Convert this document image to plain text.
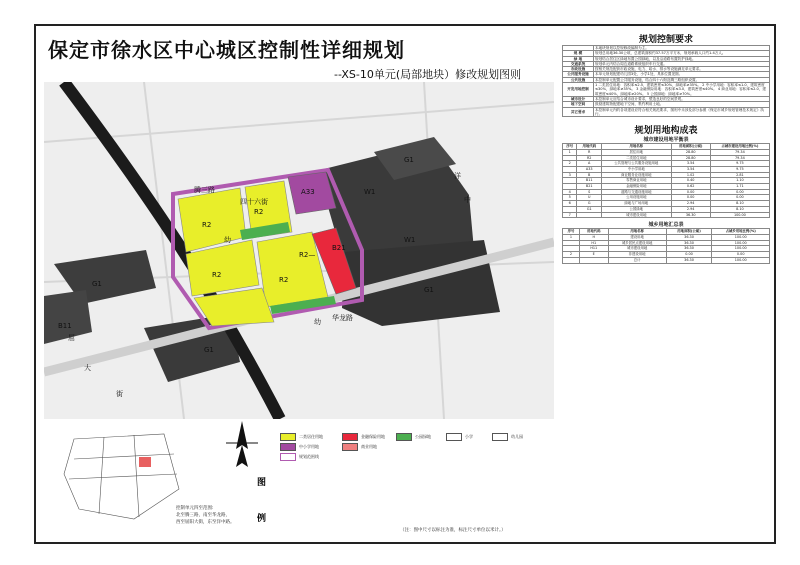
保定市徐水区中心城区控制性详细规划
--XS-10单元(局部地块）修改规划图则
R2
R2
R2
R2
R2—
A33
B21
B11
G1
G1
G1
G1
W1
W1
幼
幼
腾三路
四十六街
华龙路
大
屈
街
洋
中
图
例
控制单元四至范围:
北至腾三路，南至华龙路，
西至屈阳大街，东至洋中路。
二类居住用地
中小学用地
金融保险用地
商业用地
公园绿地	小学	幼儿园
规划范围线
（注：图中尺寸以标注为准，标注尺寸单位以米计。）
规划控制要求
	本地块规划以控规修改编制为主。
规 模	规划总用地36.30公顷，总建筑面积约37.57万平方米，规划承载人口约1.4万人。
绿 地	规划结合居住区绿地布置公园绿地，以及沿道路布置防护绿地。
交通系统	规划单元内结合周边道路系统组织车行交通。
市政设施	按相关规范配套市政设施，电力、给水、排水等设施满足单元要求。
公共服务设施	本单元规划配建幼儿园3处，小学1处，具体位置见图。
公共设施	本控制单元配置公共服务设施，结合四十六街及腾三路组织设置。
开发用地控制	1 二类居住用地：容积率≤2.5，建筑密度≤30%，绿地率≥35%。 2 中小学用地：容积率≤1.0，建筑密度≤30%，绿地率≥35%。 3 金融保险用地：容积率≤3.0，建筑密度≤40%。 4 商业用地：容积率≤2.0，建筑密度≤40%，绿地率≥20%。 5 公园绿地：绿地率≥70%。
城市设计	本控制单元应结合城市设计要求，塑造良好的空间景观。
地下空间	鼓励建筑物配建地下空间，集约利用土地。
其它要求	本控制单元内的各项建设应符合相关规范要求，图则中未涉及部分参照《保定市城乡规划管理技术规定》执行。
规划用地构成表
城市建设用地平衡表
序号	用地代码	用地名称	用地面积(公顷)	占城市建设用地比例(%)
1	R	居住用地	28.80	79.34
	R2	二类居住用地	28.80	79.34
2	A	公共管理与公共服务设施用地	3.54	9.75
	A33	中小学用地	3.54	9.75
3	B	商业服务业设施用地	1.02	2.81
	B11	零售商业用地	0.40	1.10
	B21	金融保险用地	0.62	1.71
4	S	道路与交通设施用地	0.00	0.00
5	U	公用设施用地	0.00	0.00
6	G	绿地与广场用地	2.94	8.10
	G1	公园绿地	2.94	8.10
7		城市建设用地	36.30	100.00
城乡用地汇总表
序号	用地代码	用地名称	用地面积(公顷)	占城乡用地比例(%)
1	H	建设用地	36.30	100.00
	H1	城乡居民点建设用地	36.30	100.00
	H11	城市建设用地	36.30	100.00
2	E	非建设用地	0.00	0.00
		总计	36.30	100.00
